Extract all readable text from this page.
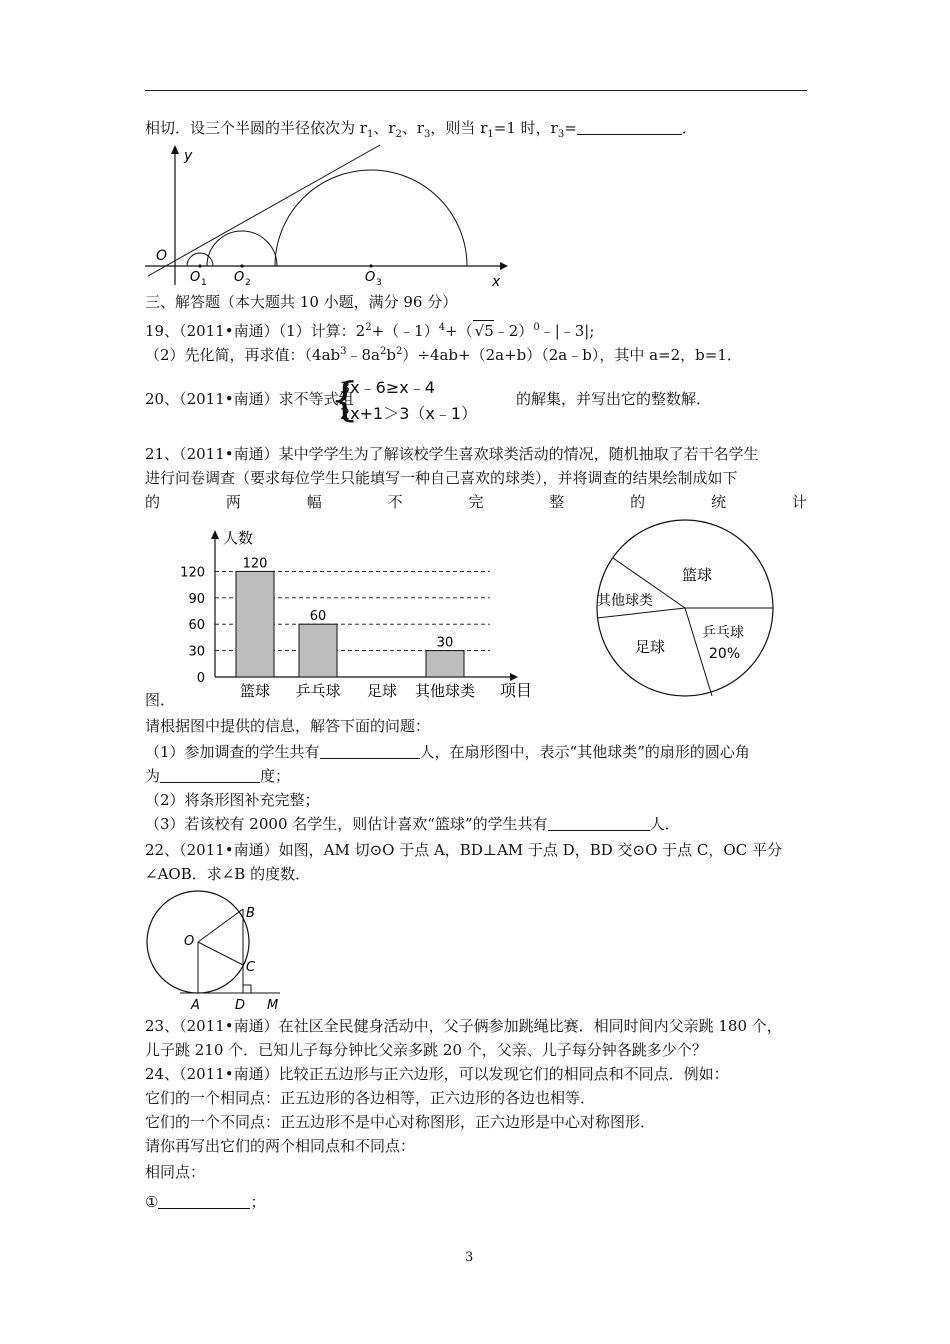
相切．设三个半圆的半径依次为 $r_1$、$r_2$、$r_3$，则当 $r_1=1$ 时，$r_3=$	．
y
x
O
O 1 O 2	O 3
三、解答题（本大题共 10 小题，满分 96 分）
19、（2011•南通）（1）计算：$2^2+(﹣1)^4+$（ √5﹣2）$^0$﹣|﹣3|;
（2）先化简，再求值：$(4ab^3﹣8a^2b^2)\div 4ab+(2a+b)(2a﹣b)$，其中 a=2，b=1．
20、（2011•南通）求不等式组
{
3x﹣6≥x﹣4
2x+1＞3（x﹣1）
的解集，并写出它的整数解．
21、（2011•南通）某中学学生为了解该校学生喜欢球类活动的情况，随机抽取了若干名学生
进行问卷调查（要求每位学生只能填写一种自己喜欢的球类），并将调查的结果绘制成如下
的	两	幅	不	完	整	的	统	计
人数
项目
0
30
60
90
120
120
篮球
60
乒乓球 足球
30
其他球类
篮球
其他球类
足球
乒乓球
20%
图．
请根据图中提供的信息，解答下面的问题：
（1）参加调查的学生共有	人，在扇形图中，表示“其他球类”的扇形的圆心角
为	度；
（2）将条形图补充完整；
（3）若该校有 2000 名学生，则估计喜欢“篮球”的学生共有	人．
22、（2011•南通）如图，AM 切⊙O 于点 A，BD⊥AM 于点 D，BD 交⊙O 于点 C，OC 平分
∠AOB．求∠B 的度数．
B
O
C
A	D M
23、（2011•南通）在社区全民健身活动中，父子俩参加跳绳比赛．相同时间内父亲跳 180 个，
儿子跳 210 个．已知儿子每分钟比父亲多跳 20 个，父亲、儿子每分钟各跳多少个？
24、（2011•南通）比较正五边形与正六边形，可以发现它们的相同点和不同点．例如：
它们的一个相同点：正五边形的各边相等，正六边形的各边也相等．
它们的一个不同点：正五边形不是中心对称图形，正六边形是中心对称图形．
请你再写出它们的两个相同点和不同点：
相同点：
①	；
3
